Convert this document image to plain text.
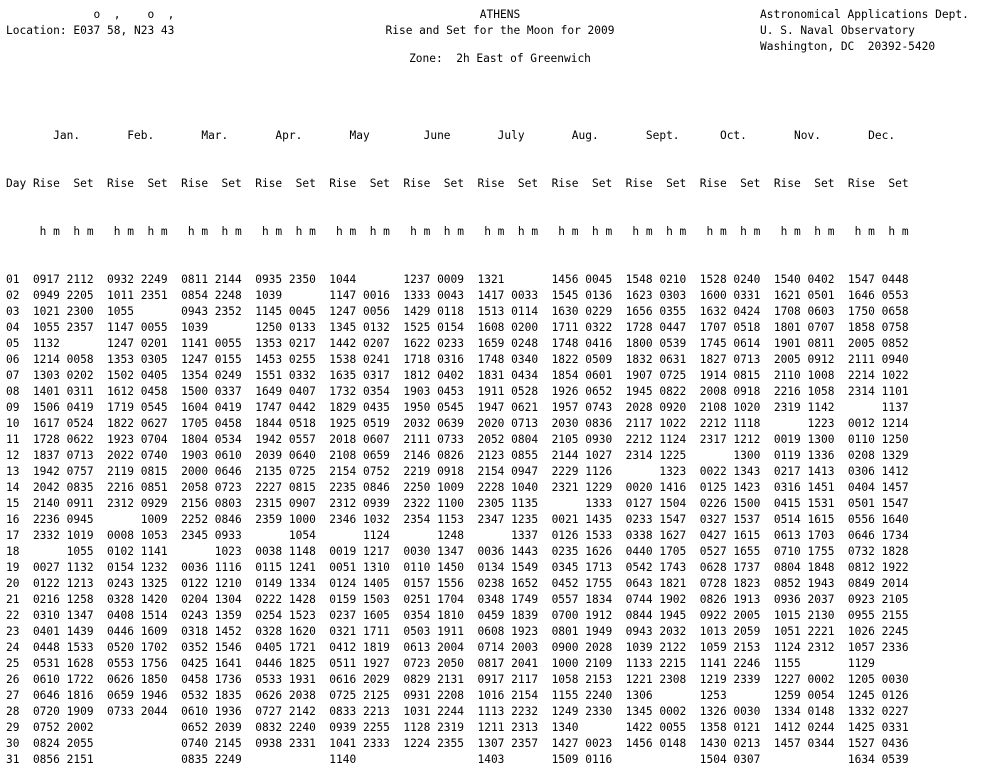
o  ,    o  ,
Location: E037 58, N23 43
ATHENS
Rise and Set for the Moon for 2009
Astronomical Applications Dept.
U. S. Naval Observatory
Washington, DC  20392-5420
Zone:  2h East of Greenwich

Jan.       Feb.       Mar.       Apr.       May        June       July       Aug.       Sept.      Oct.       Nov.       Dec.

Day Rise  Set  Rise  Set  Rise  Set  Rise  Set  Rise  Set  Rise  Set  Rise  Set  Rise  Set  Rise  Set  Rise  Set  Rise  Set  Rise  Set

h m  h m   h m  h m   h m  h m   h m  h m   h m  h m   h m  h m   h m  h m   h m  h m   h m  h m   h m  h m   h m  h m   h m  h m

01  0917 2112  0932 2249  0811 2144  0935 2350  1044       1237 0009  1321       1456 0045  1548 0210  1528 0240  1540 0402  1547 0448
02  0949 2205  1011 2351  0854 2248  1039       1147 0016  1333 0043  1417 0033  1545 0136  1623 0303  1600 0331  1621 0501  1646 0553
03  1021 2300  1055       0943 2352  1145 0045  1247 0056  1429 0118  1513 0114  1630 0229  1656 0355  1632 0424  1708 0603  1750 0658
04  1055 2357  1147 0055  1039       1250 0133  1345 0132  1525 0154  1608 0200  1711 0322  1728 0447  1707 0518  1801 0707  1858 0758
05  1132       1247 0201  1141 0055  1353 0217  1442 0207  1622 0233  1659 0248  1748 0416  1800 0539  1745 0614  1901 0811  2005 0852
06  1214 0058  1353 0305  1247 0155  1453 0255  1538 0241  1718 0316  1748 0340  1822 0509  1832 0631  1827 0713  2005 0912  2111 0940
07  1303 0202  1502 0405  1354 0249  1551 0332  1635 0317  1812 0402  1831 0434  1854 0601  1907 0725  1914 0815  2110 1008  2214 1022
08  1401 0311  1612 0458  1500 0337  1649 0407  1732 0354  1903 0453  1911 0528  1926 0652  1945 0822  2008 0918  2216 1058  2314 1101
09  1506 0419  1719 0545  1604 0419  1747 0442  1829 0435  1950 0545  1947 0621  1957 0743  2028 0920  2108 1020  2319 1142       1137
10  1617 0524  1822 0627  1705 0458  1844 0518  1925 0519  2032 0639  2020 0713  2030 0836  2117 1022  2212 1118       1223  0012 1214
11  1728 0622  1923 0704  1804 0534  1942 0557  2018 0607  2111 0733  2052 0804  2105 0930  2212 1124  2317 1212  0019 1300  0110 1250
12  1837 0713  2022 0740  1903 0610  2039 0640  2108 0659  2146 0826  2123 0855  2144 1027  2314 1225       1300  0119 1336  0208 1329
13  1942 0757  2119 0815  2000 0646  2135 0725  2154 0752  2219 0918  2154 0947  2229 1126       1323  0022 1343  0217 1413  0306 1412
14  2042 0835  2216 0851  2058 0723  2227 0815  2235 0846  2250 1009  2228 1040  2321 1229  0020 1416  0125 1423  0316 1451  0404 1457
15  2140 0911  2312 0929  2156 0803  2315 0907  2312 0939  2322 1100  2305 1135       1333  0127 1504  0226 1500  0415 1531  0501 1547
16  2236 0945       1009  2252 0846  2359 1000  2346 1032  2354 1153  2347 1235  0021 1435  0233 1547  0327 1537  0514 1615  0556 1640
17  2332 1019  0008 1053  2345 0933       1054       1124       1248       1337  0126 1533  0338 1627  0427 1615  0613 1703  0646 1734
18       1055  0102 1141       1023  0038 1148  0019 1217  0030 1347  0036 1443  0235 1626  0440 1705  0527 1655  0710 1755  0732 1828
19  0027 1132  0154 1232  0036 1116  0115 1241  0051 1310  0110 1450  0134 1549  0345 1713  0542 1743  0628 1737  0804 1848  0812 1922
20  0122 1213  0243 1325  0122 1210  0149 1334  0124 1405  0157 1556  0238 1652  0452 1755  0643 1821  0728 1823  0852 1943  0849 2014
21  0216 1258  0328 1420  0204 1304  0222 1428  0159 1503  0251 1704  0348 1749  0557 1834  0744 1902  0826 1913  0936 2037  0923 2105
22  0310 1347  0408 1514  0243 1359  0254 1523  0237 1605  0354 1810  0459 1839  0700 1912  0844 1945  0922 2005  1015 2130  0955 2155
23  0401 1439  0446 1609  0318 1452  0328 1620  0321 1711  0503 1911  0608 1923  0801 1949  0943 2032  1013 2059  1051 2221  1026 2245
24  0448 1533  0520 1702  0352 1546  0405 1721  0412 1819  0613 2004  0714 2003  0900 2028  1039 2122  1059 2153  1124 2312  1057 2336
25  0531 1628  0553 1756  0425 1641  0446 1825  0511 1927  0723 2050  0817 2041  1000 2109  1133 2215  1141 2246  1155       1129
26  0610 1722  0626 1850  0458 1736  0533 1931  0616 2029  0829 2131  0917 2117  1058 2153  1221 2308  1219 2339  1227 0002  1205 0030
27  0646 1816  0659 1946  0532 1835  0626 2038  0725 2125  0931 2208  1016 2154  1155 2240  1306       1253       1259 0054  1245 0126
28  0720 1909  0733 2044  0610 1936  0727 2142  0833 2213  1031 2244  1113 2232  1249 2330  1345 0002  1326 0030  1334 0148  1332 0227
29  0752 2002             0652 2039  0832 2240  0939 2255  1128 2319  1211 2313  1340       1422 0055  1358 0121  1412 0244  1425 0331
30  0824 2055             0740 2145  0938 2331  1041 2333  1224 2355  1307 2357  1427 0023  1456 0148  1430 0213  1457 0344  1527 0436
31  0856 2151             0835 2249             1140                  1403       1509 0116             1504 0307             1634 0539
